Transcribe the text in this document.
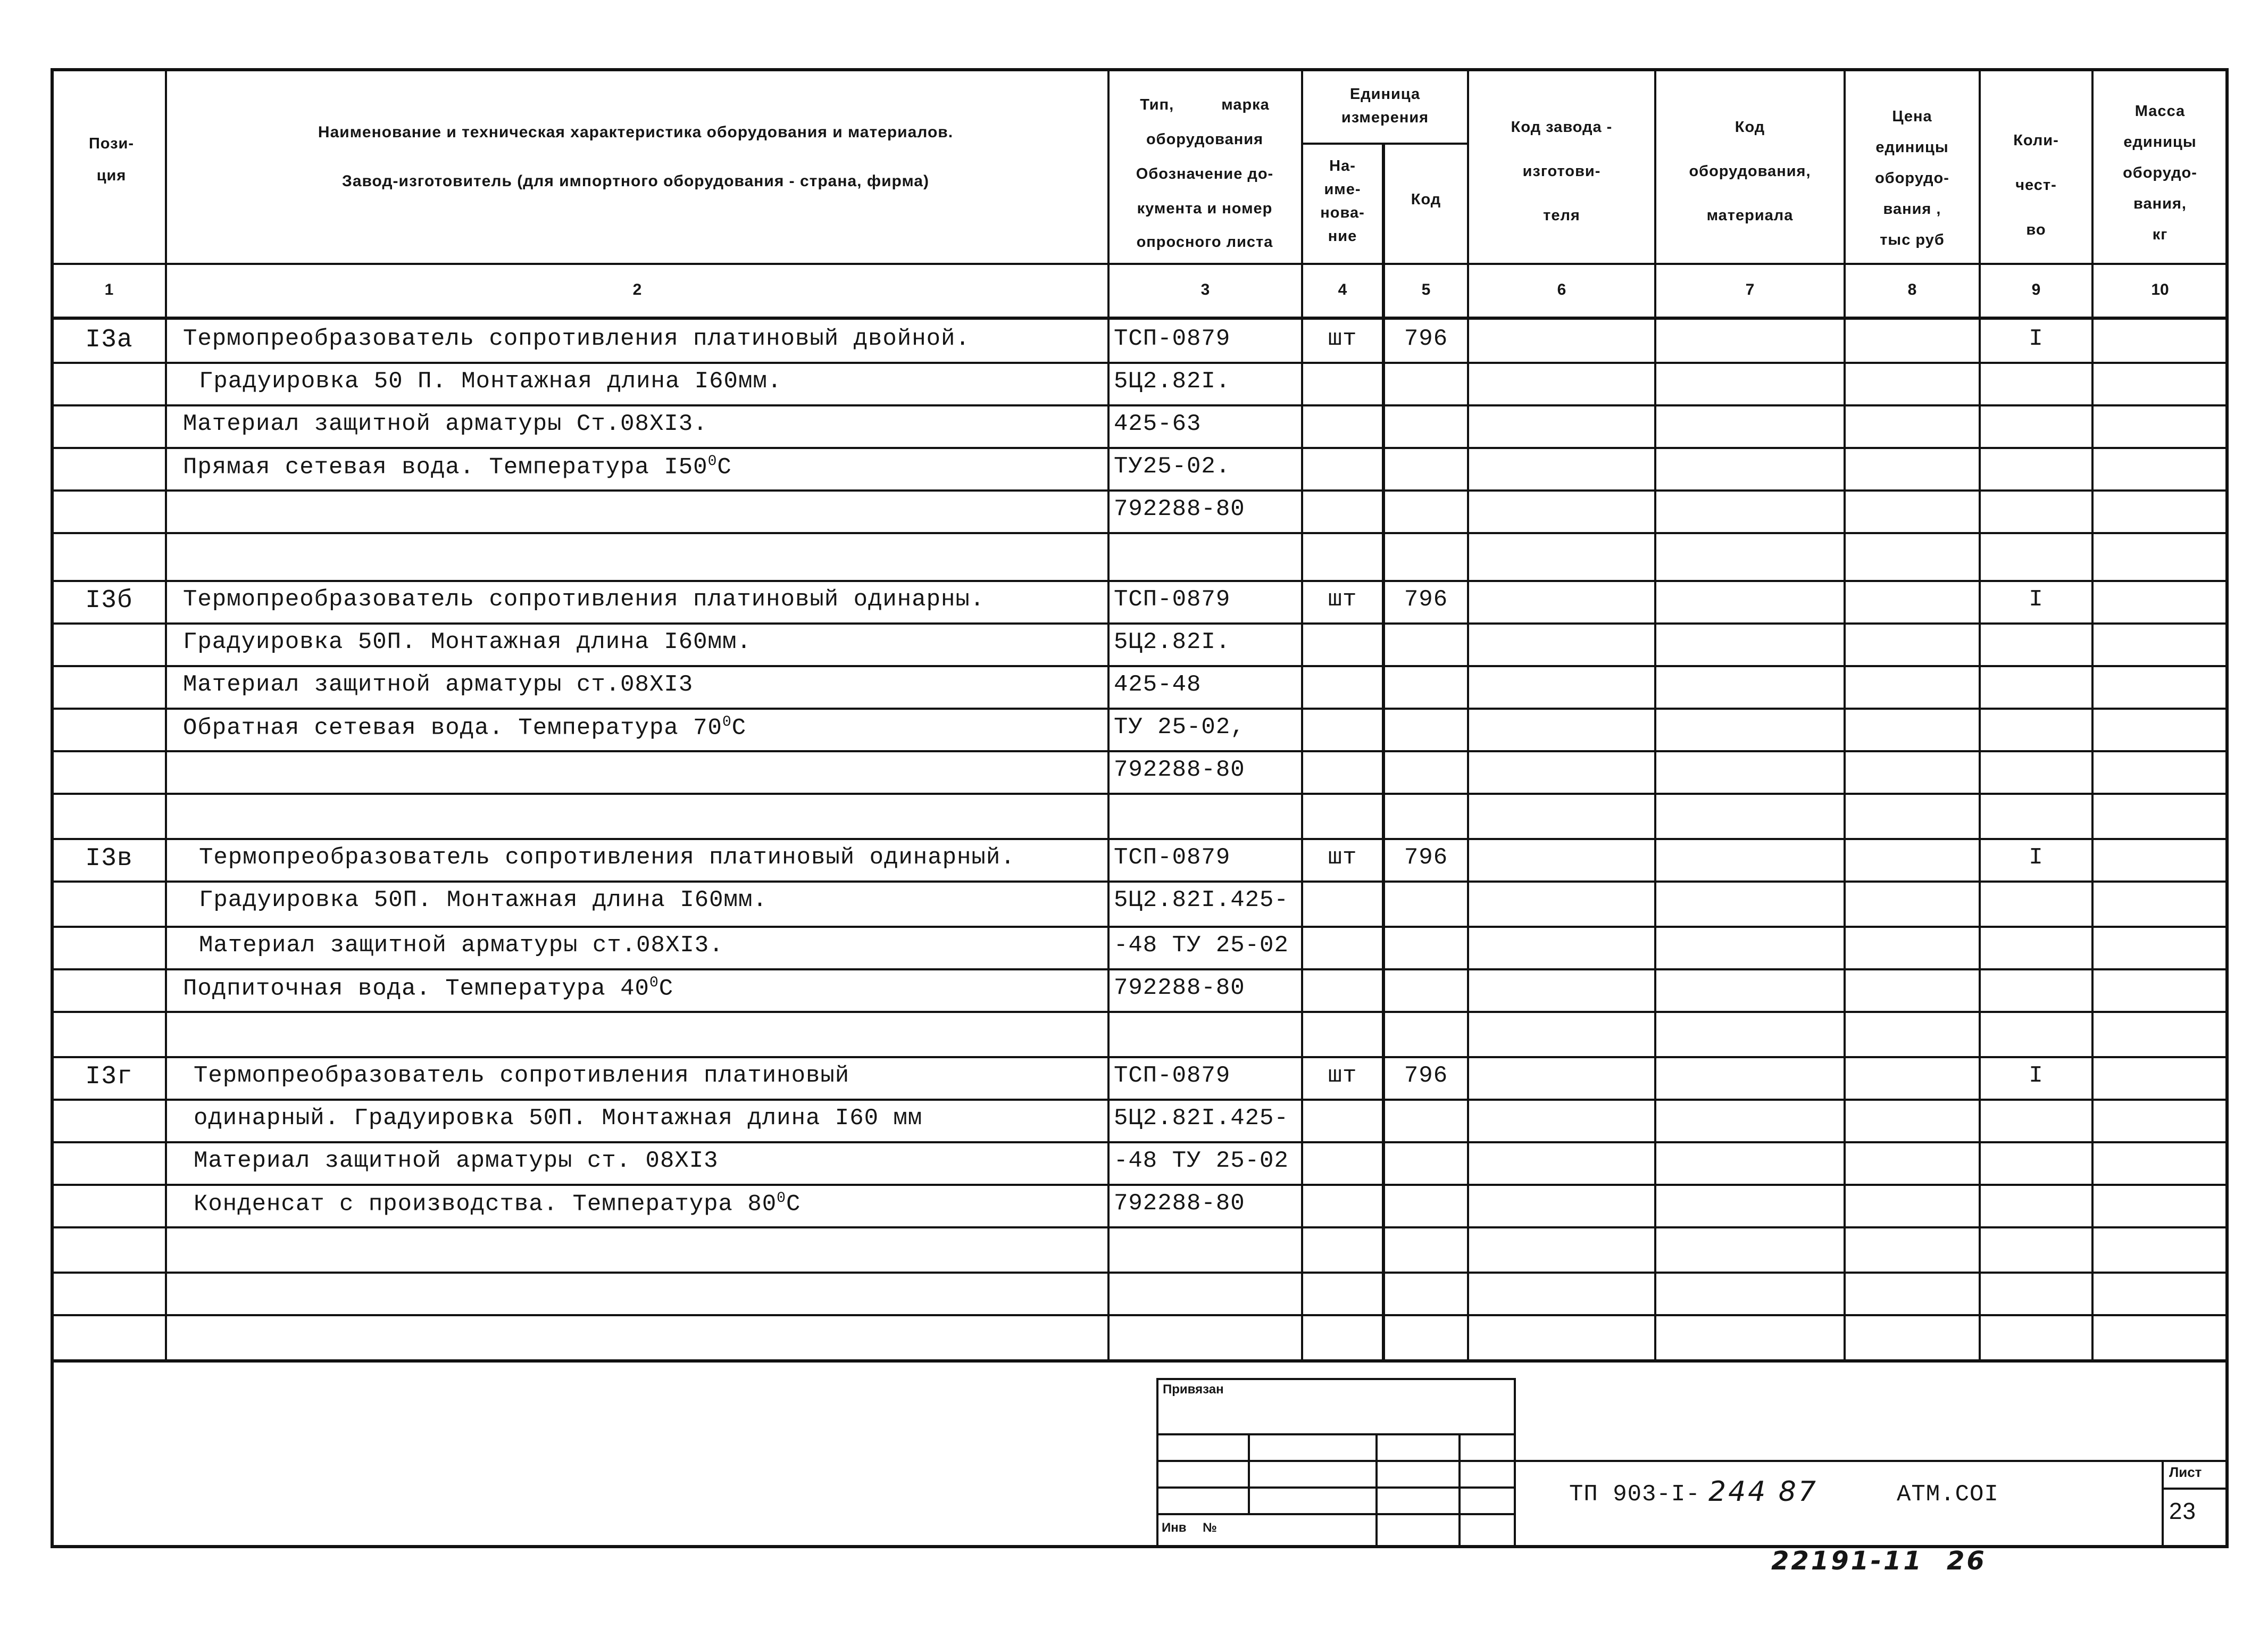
Пози-
ция
Наименование и техническая характеристика оборудования и материалов.
Завод-изготовитель (для импортного оборудования - страна, фирма)
Тип, марка
оборудования
Обозначение до-
кумента и номер
опросного листа
Единица
измерения
На-
име-
нова-
ние
Код
Код завода -
изготови-
теля
Код
оборудования,
материала
Цена
единицы
оборудо-
вания ,
тыс руб
Коли-
чест-
во
Масса
единицы
оборудо-
вания,
кг
1	2	3	4	5	6	7	8	9	10
I3а	Термопреобразователь сопротивления платиновый двойной.	ТСП-0879	шт	796	I
Градуировка 50 П. Монтажная длина I60мм.	5Ц2.82I.
Материал защитной арматуры Ст.08ХI3.	425-63
Прямая сетевая вода. Температура $I50^0С$	ТУ25-02.
792288-80
I3б	Термопреобразователь сопротивления платиновый одинарны.	ТСП-0879	шт	796	I
Градуировка 50П. Монтажная длина I60мм.	5Ц2.82I.
Материал защитной арматуры ст.08ХI3	425-48
Обратная сетевая вода. Температура $70^0С$	ТУ 25-02,
792288-80
I3в	Термопреобразователь сопротивления платиновый одинарный.	ТСП-0879	шт	796	I
Градуировка 50П. Монтажная длина I60мм.	5Ц2.82I.425-
Материал защитной арматуры ст.08ХI3.	-48 ТУ 25-02
Подпиточная вода. Температура $40^0С$	792288-80
I3г	Термопреобразователь сопротивления платиновый	ТСП-0879	шт	796	I
одинарный. Градуировка 50П. Монтажная длина I60 мм	5Ц2.82I.425-
Материал защитной арматуры ст. 08ХI3	-48 ТУ 25-02
Конденсат с производства. Температура $80^0С$	792288-80
Привязан
Инв №
ТП 903-I- 244 87	АТМ.СОI
Лист
23
22191-11 26
